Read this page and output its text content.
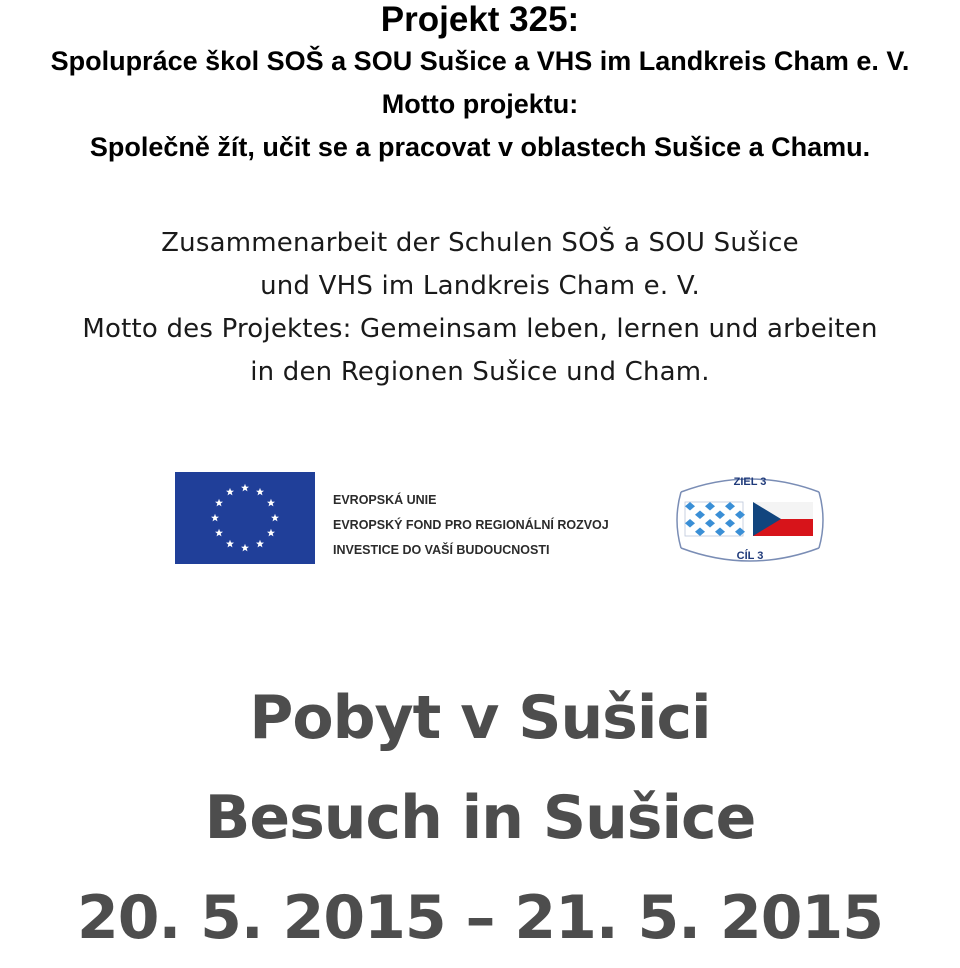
Projekt 325:
Spolupráce škol SOŠ a SOU Sušice a VHS im Landkreis Cham e. V.
Motto projektu:
Společně žít, učit se a pracovat v oblastech Sušice a Chamu.
Zusammenarbeit der Schulen SOŠ a SOU Sušice
und VHS im Landkreis Cham e. V.
Motto des Projektes: Gemeinsam leben, lernen und arbeiten
in den Regionen Sušice und Cham.
EVROPSKÁ UNIE
EVROPSKÝ FOND PRO REGIONÁLNÍ ROZVOJ
INVESTICE DO VAŠÍ BUDOUCNOSTI
ZIEL 3
CÍL 3
Pobyt v Sušici
Besuch in Sušice
20. 5. 2015 – 21. 5. 2015
